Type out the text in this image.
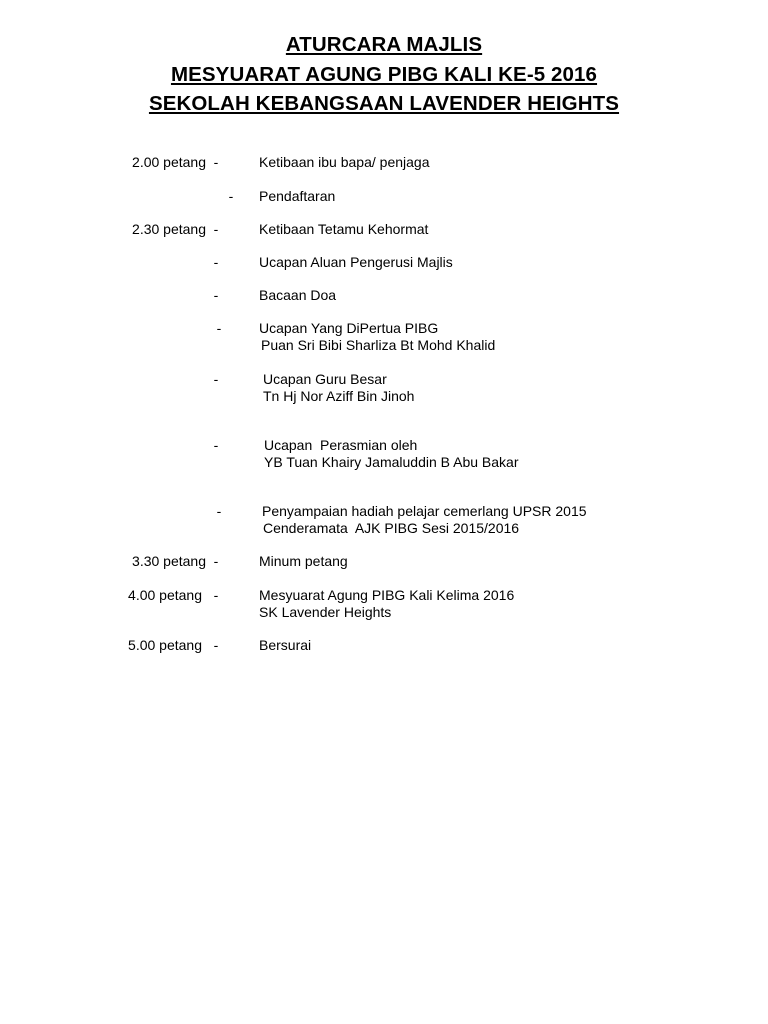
ATURCARA MAJLIS
MESYUARAT AGUNG PIBG KALI KE-5 2016
SEKOLAH KEBANGSAAN LAVENDER HEIGHTS
2.00 petang -	Ketibaan ibu bapa/ penjaga
- Pendaftaran
2.30 petang -	Ketibaan Tetamu Kehormat
-	Ucapan Aluan Pengerusi Majlis
-	Bacaan Doa
-	Ucapan Yang DiPertua PIBG
Puan Sri Bibi Sharliza Bt Mohd Khalid
-	Ucapan Guru Besar
Tn Hj Nor Aziff Bin Jinoh
-	Ucapan  Perasmian oleh
YB Tuan Khairy Jamaluddin B Abu Bakar
-	Penyampaian hadiah pelajar cemerlang UPSR 2015
Cenderamata  AJK PIBG Sesi 2015/2016
3.30 petang -	Minum petang
4.00 petang -	Mesyuarat Agung PIBG Kali Kelima 2016
SK Lavender Heights
5.00 petang -	Bersurai
